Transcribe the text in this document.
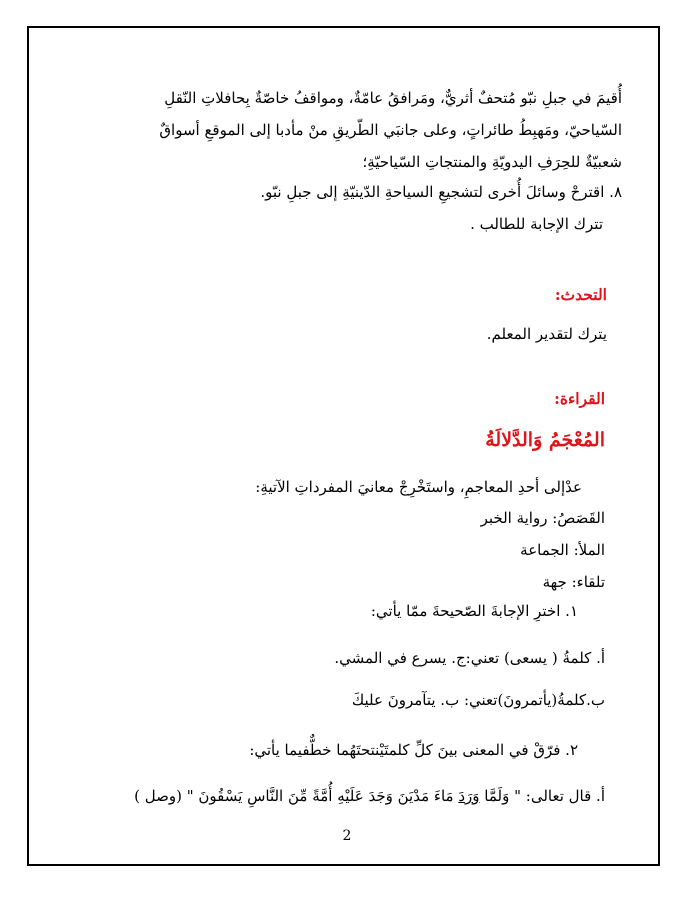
أُقيمَ في جبلِ نبّو مُتحفٌ أثريٌّ، ومَرافقُ عامّةٌ، ومواقفُ خاصّةٌ بِحافلاتِ النّقلِ
السّياحيّ، ومَهبِطُ طائراتٍ، وعلى جانبَي الطّريقِ منْ مأدبا إلى الموقعِ أسواقٌ
شعبيّةٌ للحِرَفِ اليدويّةِ والمنتجاتِ السّياحيّةِ؛
٨. اقترحْ وسائلَ أُخرى لتشجيعِ السياحةِ الدّينيّةِ إلى جبلِ نبّو.
تترك الإجابة للطالب .
التحدث:
يترك لتقدير المعلم.
القراءة:
المُعْجَمُ وَالدَّلالَةُ
عدْإلى أحدِ المعاجمِ، واستَخْرِجْ معانيَ المفرداتِ الآتيةِ:
القَصَصُ: رواية الخبر
الملأ: الجماعة
تلقاء: جهة
١. اخترِ الإجابةَ الصّحيحةَ ممّا يأتي:
أ. كلمةُ ( يسعى) تعني:ج. يسرع في المشي.
ب.كلمةُ(يأتمرونَ)تعني: ب. يتآمرونَ عليكَ
٢. فرّقْ في المعنى بينَ كلِّ كلمتَيْنتحتَهُما خطٌّفيما يأتي:
أ. قال تعالى: " وَلَمَّا وَرَدَ مَاءَ مَدْيَنَ وَجَدَ عَلَيْهِ أُمَّةً مِّنَ النَّاسِ يَسْقُونَ " (وصل )
2
